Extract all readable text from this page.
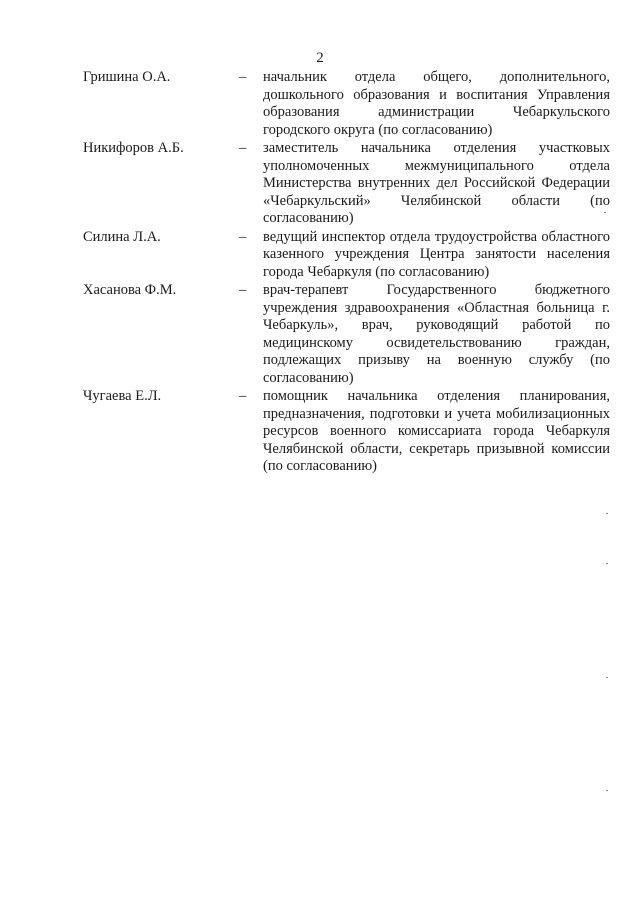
2
Гришина О.А.	– начальник отдела общего, дополнительного, дошкольного образования и воспитания Управления образования администрации Чебаркульского городского округа (по согласованию)
Никифоров А.Б.	– заместитель начальника отделения участковых уполномоченных межмуниципального отдела Министерства внутренних дел Российской Федерации «Чебаркульский» Челябинской области (по согласованию)
Силина Л.А.	– ведущий инспектор отдела трудоустройства областного казенного учреждения Центра занятости населения города Чебаркуля (по согласованию)
Хасанова Ф.М.	– врач-терапевт Государственного бюджетного учреждения здравоохранения «Областная больница г. Чебаркуль», врач, руководящий работой по медицинскому освидетельствованию граждан, подлежащих призыву на военную службу (по согласованию)
Чугаева Е.Л.	– помощник начальника отделения планирования, предназначения, подготовки и учета мобилизационных ресурсов военного комиссариата города Чебаркуля Челябинской области, секретарь призывной комиссии (по согласованию)
